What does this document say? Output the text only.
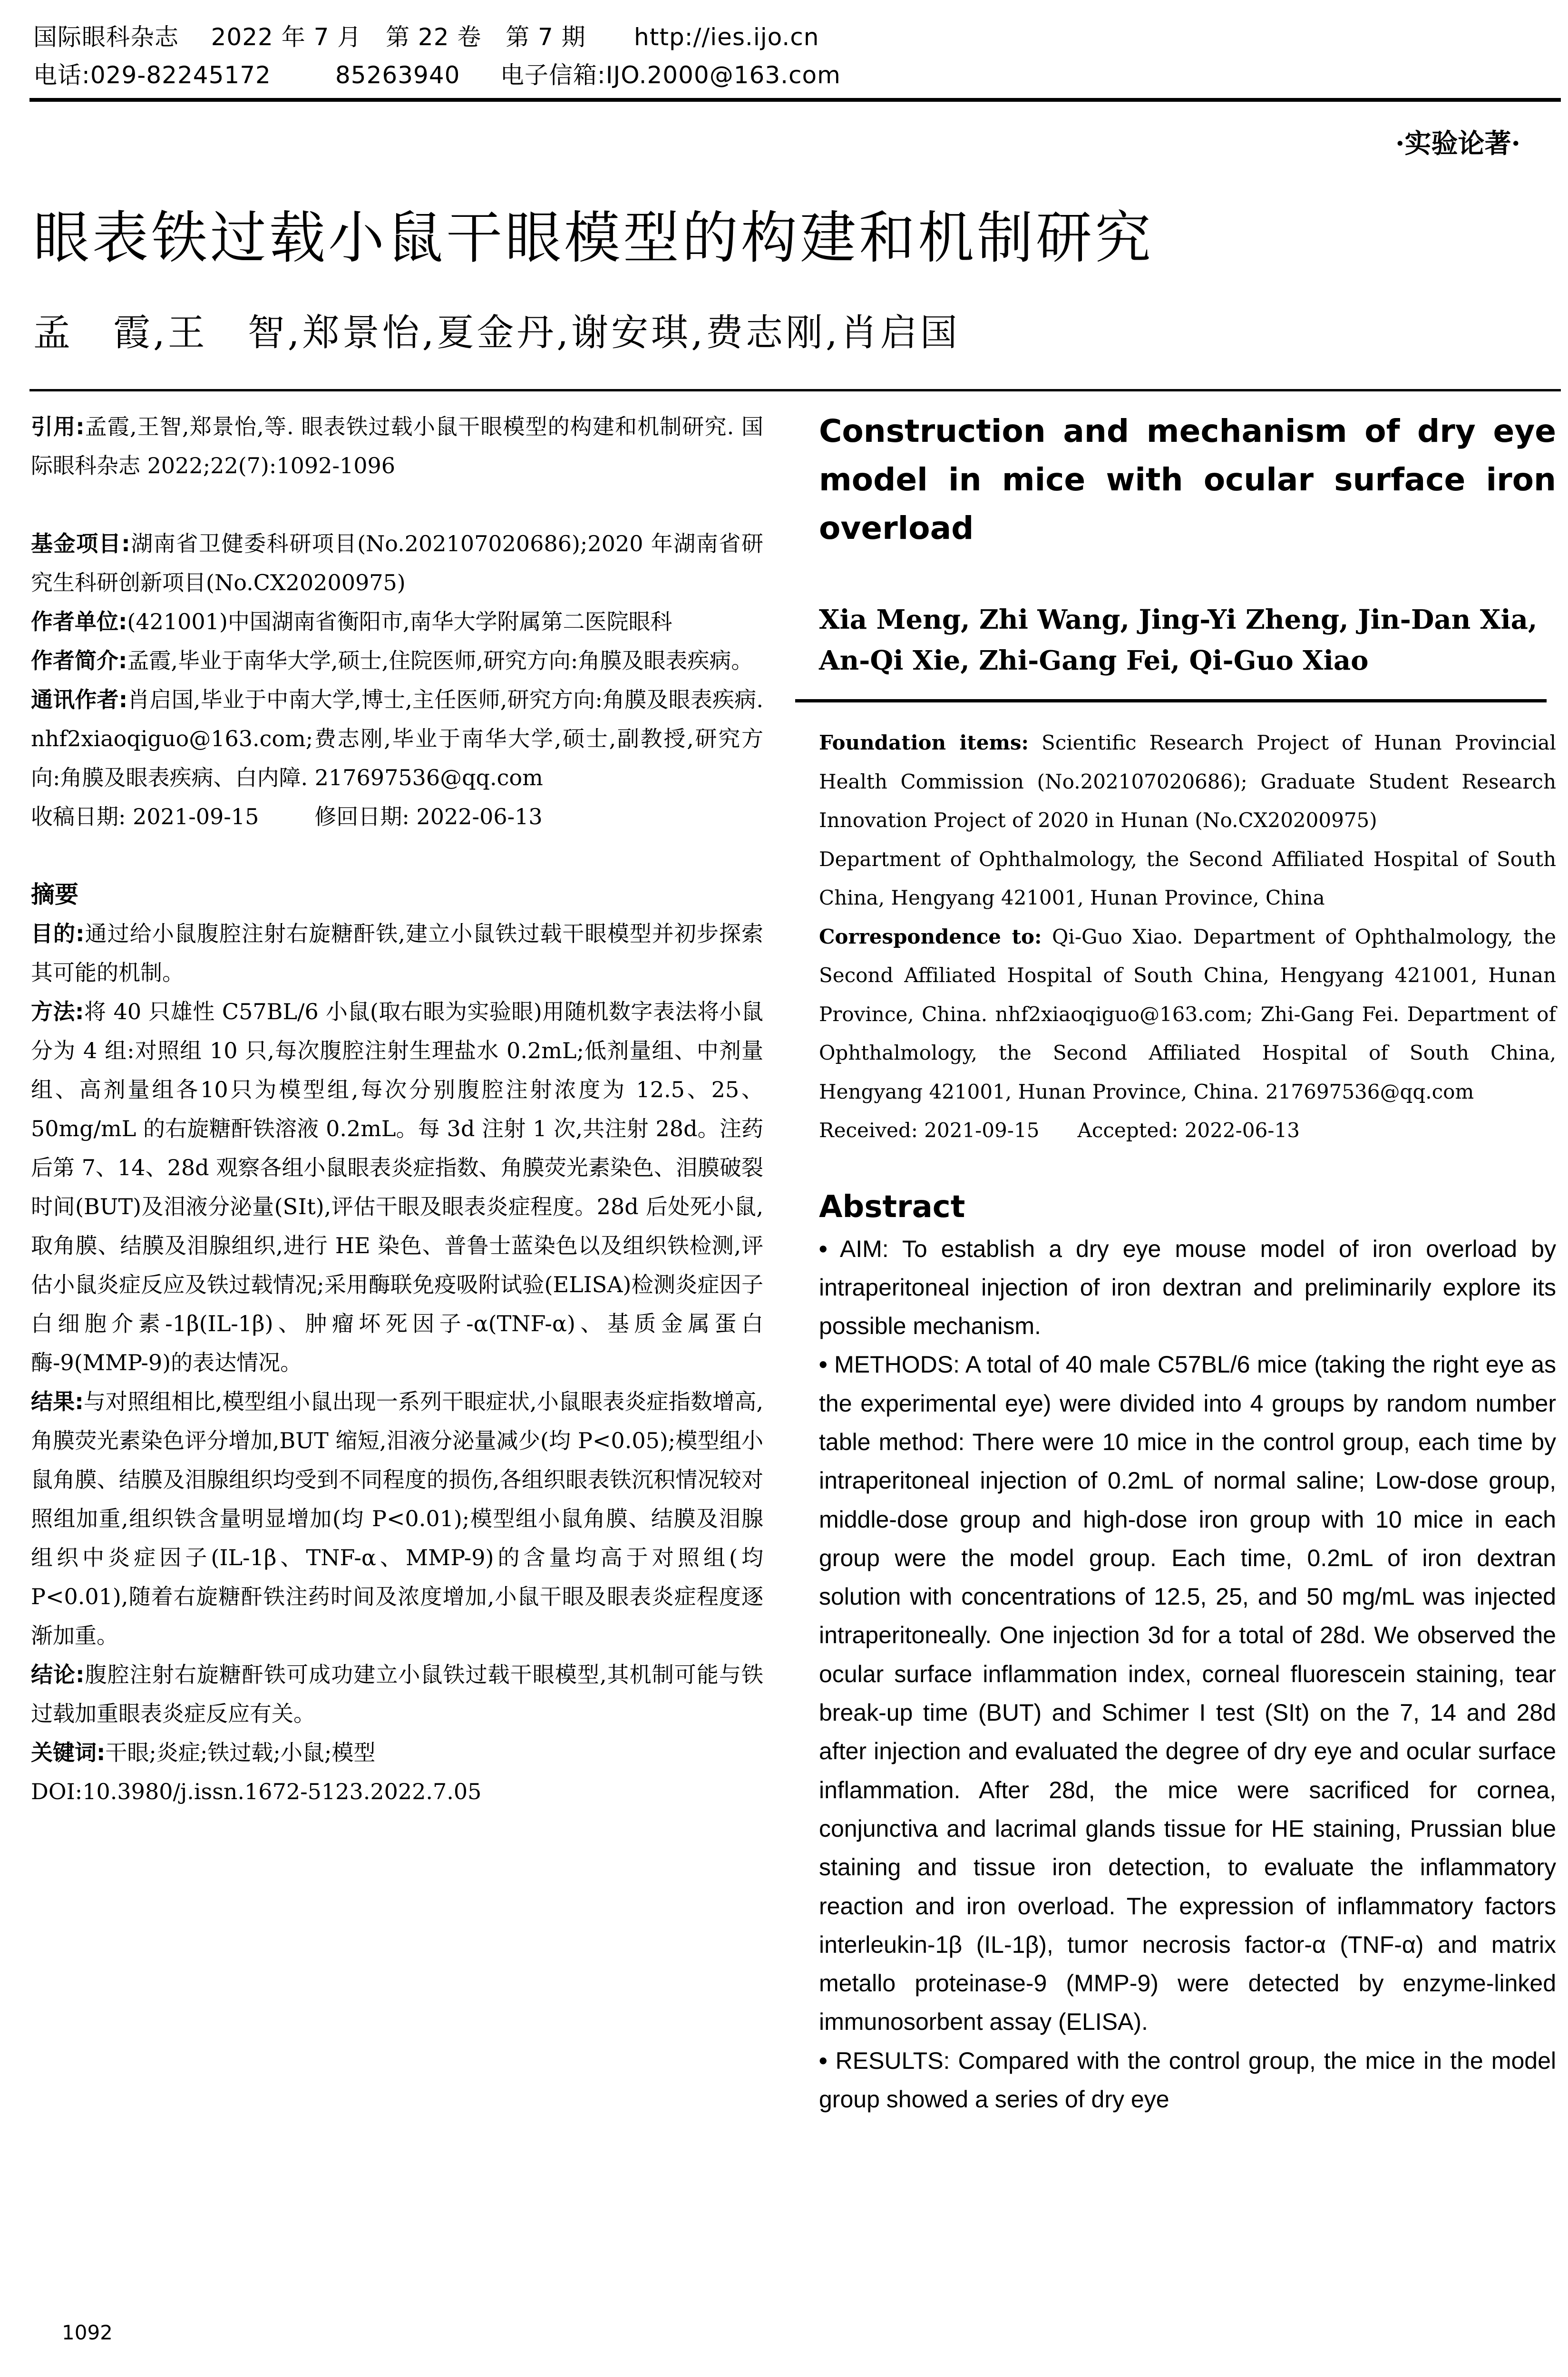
国际眼科杂志    2022 年 7 月   第 22 卷   第 7 期      http://ies.ijo.cn
电话:029-82245172        85263940     电子信箱:IJO.2000@163.com
·实验论著·
眼表铁过载小鼠干眼模型的构建和机制研究
孟　霞,王　智,郑景怡,夏金丹,谢安琪,费志刚,肖启国

引用:孟霞,王智,郑景怡,等. 眼表铁过载小鼠干眼模型的构建和机制研究. 国际眼科杂志 2022;22(7):1092-1096

基金项目:湖南省卫健委科研项目(No.202107020686);2020 年湖南省研究生科研创新项目(No.CX20200975)

作者单位:(421001)中国湖南省衡阳市,南华大学附属第二医院眼科

作者简介:孟霞,毕业于南华大学,硕士,住院医师,研究方向:角膜及眼表疾病。

通讯作者:肖启国,毕业于中南大学,博士,主任医师,研究方向:角膜及眼表疾病. nhf2xiaoqiguo@163.com;费志刚,毕业于南华大学,硕士,副教授,研究方向:角膜及眼表疾病、白内障. 217697536@qq.com

收稿日期: 2021-09-15	修回日期: 2022-06-13

摘要

目的:通过给小鼠腹腔注射右旋糖酐铁,建立小鼠铁过载干眼模型并初步探索其可能的机制。

方法:将 40 只雄性 C57BL/6 小鼠(取右眼为实验眼)用随机数字表法将小鼠分为 4 组:对照组 10 只,每次腹腔注射生理盐水 0.2mL;低剂量组、中剂量组、高剂量组各10只为模型组,每次分别腹腔注射浓度为 12.5、25、50mg/mL 的右旋糖酐铁溶液 0.2mL。每 3d 注射 1 次,共注射 28d。注药后第 7、14、28d 观察各组小鼠眼表炎症指数、角膜荧光素染色、泪膜破裂时间(BUT)及泪液分泌量(SⅠt),评估干眼及眼表炎症程度。28d 后处死小鼠,取角膜、结膜及泪腺组织,进行 HE 染色、普鲁士蓝染色以及组织铁检测,评估小鼠炎症反应及铁过载情况;采用酶联免疫吸附试验(ELISA)检测炎症因子白细胞介素-1β(IL-1β)、肿瘤坏死因子-α(TNF-α)、基质金属蛋白酶-9(MMP-9)的表达情况。

结果:与对照组相比,模型组小鼠出现一系列干眼症状,小鼠眼表炎症指数增高,角膜荧光素染色评分增加,BUT 缩短,泪液分泌量减少(均 P<0.05);模型组小鼠角膜、结膜及泪腺组织均受到不同程度的损伤,各组织眼表铁沉积情况较对照组加重,组织铁含量明显增加(均 P<0.01);模型组小鼠角膜、结膜及泪腺组织中炎症因子(IL-1β、TNF-α、MMP-9)的含量均高于对照组(均 P<0.01),随着右旋糖酐铁注药时间及浓度增加,小鼠干眼及眼表炎症程度逐渐加重。

结论:腹腔注射右旋糖酐铁可成功建立小鼠铁过载干眼模型,其机制可能与铁过载加重眼表炎症反应有关。

关键词:干眼;炎症;铁过载;小鼠;模型

DOI:10.3980/j.issn.1672-5123.2022.7.05

1092

Construction and mechanism of dry eye model in mice with ocular surface iron overload

Xia Meng, Zhi Wang, Jing-Yi Zheng, Jin-Dan Xia, An-Qi Xie, Zhi-Gang Fei, Qi-Guo Xiao

Foundation items: Scientific Research Project of Hunan Provincial Health Commission (No.202107020686); Graduate Student Research Innovation Project of 2020 in Hunan (No.CX20200975)

Department of Ophthalmology, the Second Affiliated Hospital of South China, Hengyang 421001, Hunan Province, China

Correspondence to: Qi-Guo Xiao. Department of Ophthalmology, the Second Affiliated Hospital of South China, Hengyang 421001, Hunan Province, China. nhf2xiaoqiguo@163.com; Zhi-Gang Fei. Department of Ophthalmology, the Second Affiliated Hospital of South China, Hengyang 421001, Hunan Province, China. 217697536@qq.com

Received: 2021-09-15 Accepted: 2022-06-13

Abstract

• AIM: To establish a dry eye mouse model of iron overload by intraperitoneal injection of iron dextran and preliminarily explore its possible mechanism.

• METHODS: A total of 40 male C57BL/6 mice (taking the right eye as the experimental eye) were divided into 4 groups by random number table method: There were 10 mice in the control group, each time by intraperitoneal injection of 0.2mL of normal saline; Low-dose group, middle-dose group and high-dose iron group with 10 mice in each group were the model group. Each time, 0.2mL of iron dextran solution with concentrations of 12.5, 25, and 50 mg/mL was injected intraperitoneally. One injection 3d for a total of 28d. We observed the ocular surface inflammation index, corneal fluorescein staining, tear break-up time (BUT) and Schimer I test (SIt) on the 7, 14 and 28d after injection and evaluated the degree of dry eye and ocular surface inflammation. After 28d, the mice were sacrificed for cornea, conjunctiva and lacrimal glands tissue for HE staining, Prussian blue staining and tissue iron detection, to evaluate the inflammatory reaction and iron overload. The expression of inflammatory factors interleukin-1β (IL-1β), tumor necrosis factor-α (TNF-α) and matrix metallo proteinase-9 (MMP-9) were detected by enzyme-linked immunosorbent assay (ELISA).

• RESULTS: Compared with the control group, the mice in the model group showed a series of dry eye
